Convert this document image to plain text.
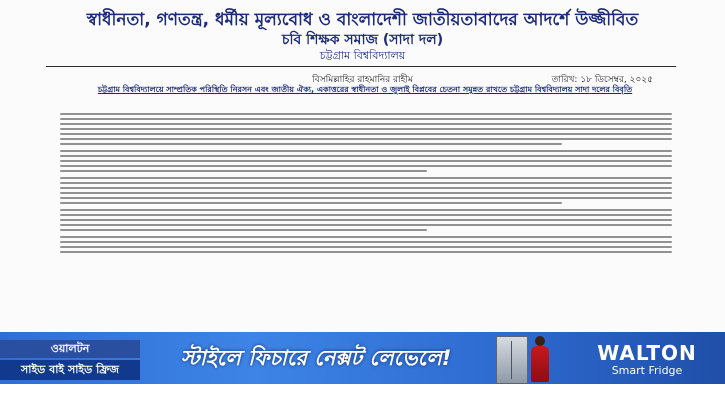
স্বাধীনতা, গণতন্ত্র, ধর্মীয় মূল্যবোধ ও বাংলাদেশী জাতীয়তাবাদের আদর্শে উজ্জীবিত
চবি শিক্ষক সমাজ (সাদা দল)
চট্টগ্রাম বিশ্ববিদ্যালয়
বিসমিল্লাহির রাহমানির রাহীম	তারিখ: ১৮ ডিসেম্বর, ২০২৫
চট্টগ্রাম বিশ্ববিদ্যালয়ে সাম্প্রতিক পরিস্থিতি নিরসন এবং জাতীয় ঐক্য, একাত্তরের স্বাধীনতা ও জুলাই বিপ্লবের চেতনা সমুন্নত রাখতে চট্টগ্রাম বিশ্ববিদ্যালয় সাদা দলের বিবৃতি
ওয়ালটন
সাইড বাই সাইড ফ্রিজ	স্টাইলে ফিচারে নেক্সট লেভেলে!	WALTON
Smart Fridge
